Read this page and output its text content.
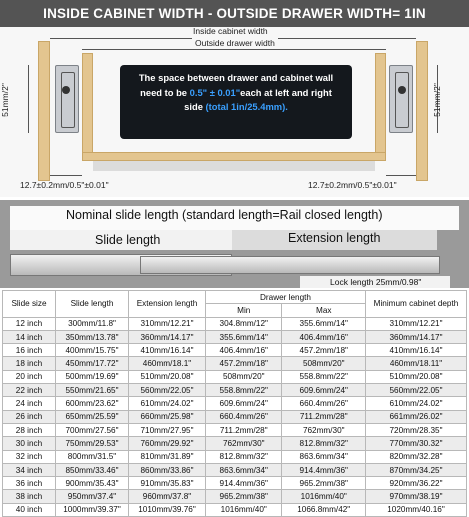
INSIDE CABINET WIDTH - OUTSIDE DRAWER WIDTH= 1IN
Inside cabinet width
Outside drawer width
51mm/2"	51mm/2"
12.7±0.2mm/0.5"±0.01"	12.7±0.2mm/0.5"±0.01"
The space between drawer and cabinet wall
need to be 0.5" ± 0.01"each at left and right
side (total 1in/25.4mm).
Nominal slide length (standard length=Rail closed length)
Slide length	Extension length
Lock length 25mm/0.98"
Slide size	Slide length	Extension length	Drawer length		Minimum cabinet depth
			Min	Max	
12 inch	300mm/11.8"	310mm/12.21"	304.8mm/12"	355.6mm/14"	310mm/12.21"
14 inch	350mm/13.78"	360mm/14.17"	355.6mm/14"	406.4mm/16"	360mm/14.17"
16 inch	400mm/15.75"	410mm/16.14"	406.4mm/16"	457.2mm/18"	410mm/16.14"
18 inch	450mm/17.72"	460mm/18.1"	457.2mm/18"	508mm/20"	460mm/18.11"
20 inch	500mm/19.69"	510mm/20.08"	508mm/20"	558.8mm/22"	510mm/20.08"
22 inch	550mm/21.65"	560mm/22.05"	558.8mm/22"	609.6mm/24"	560mm/22.05"
24 inch	600mm/23.62"	610mm/24.02"	609.6mm/24"	660.4mm/26"	610mm/24.02"
26 inch	650mm/25.59"	660mm/25.98"	660.4mm/26"	711.2mm/28"	661mm/26.02"
28 inch	700mm/27.56"	710mm/27.95"	711.2mm/28"	762mm/30"	720mm/28.35"
30 inch	750mm/29.53"	760mm/29.92"	762mm/30"	812.8mm/32"	770mm/30.32"
32 inch	800mm/31.5"	810mm/31.89"	812.8mm/32"	863.6mm/34"	820mm/32.28"
34 inch	850mm/33.46"	860mm/33.86"	863.6mm/34"	914.4mm/36"	870mm/34.25"
36 inch	900mm/35.43"	910mm/35.83"	914.4mm/36"	965.2mm/38"	920mm/36.22"
38 inch	950mm/37.4"	960mm/37.8"	965.2mm/38"	1016mm/40"	970mm/38.19"
40 inch	1000mm/39.37"	1010mm/39.76"	1016mm/40"	1066.8mm/42"	1020mm/40.16"
